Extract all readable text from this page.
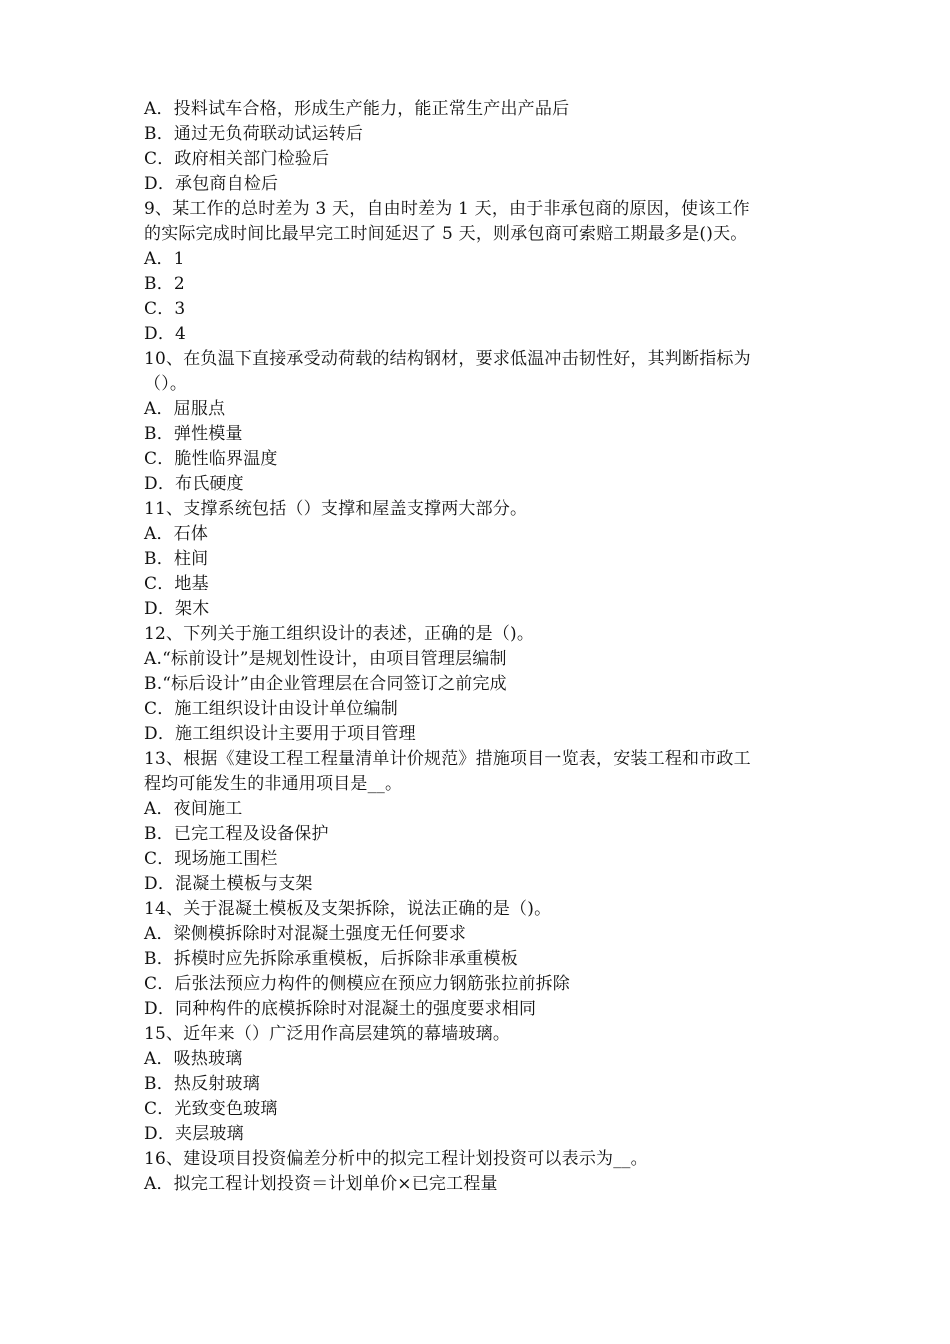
A．投料试车合格，形成生产能力，能正常生产出产品后
B．通过无负荷联动试运转后
C．政府相关部门检验后
D．承包商自检后
9、某工作的总时差为 3 天，自由时差为 1 天，由于非承包商的原因，使该工作
的实际完成时间比最早完工时间延迟了 5 天，则承包商可索赔工期最多是()天。
A．1
B．2
C．3
D．4
10、在负温下直接承受动荷载的结构钢材，要求低温冲击韧性好，其判断指标为
（）。
A．屈服点
B．弹性模量
C．脆性临界温度
D．布氏硬度
11、支撑系统包括（）支撑和屋盖支撑两大部分。
A．石体
B．柱间
C．地基
D．架木
12、下列关于施工组织设计的表述，正确的是（)。
A.“标前设计”是规划性设计，由项目管理层编制
B.“标后设计”由企业管理层在合同签订之前完成
C．施工组织设计由设计单位编制
D．施工组织设计主要用于项目管理
13、根据《建设工程工程量清单计价规范》措施项目一览表，安装工程和市政工
程均可能发生的非通用项目是__。
A．夜间施工
B．已完工程及设备保护
C．现场施工围栏
D．混凝土模板与支架
14、关于混凝土模板及支架拆除，说法正确的是（)。
A．梁侧模拆除时对混凝土强度无任何要求
B．拆模时应先拆除承重模板，后拆除非承重模板
C．后张法预应力构件的侧模应在预应力钢筋张拉前拆除
D．同种构件的底模拆除时对混凝土的强度要求相同
15、近年来（）广泛用作高层建筑的幕墙玻璃。
A．吸热玻璃
B．热反射玻璃
C．光致变色玻璃
D．夹层玻璃
16、建设项目投资偏差分析中的拟完工程计划投资可以表示为__。
A．拟完工程计划投资＝计划单价×已完工程量
